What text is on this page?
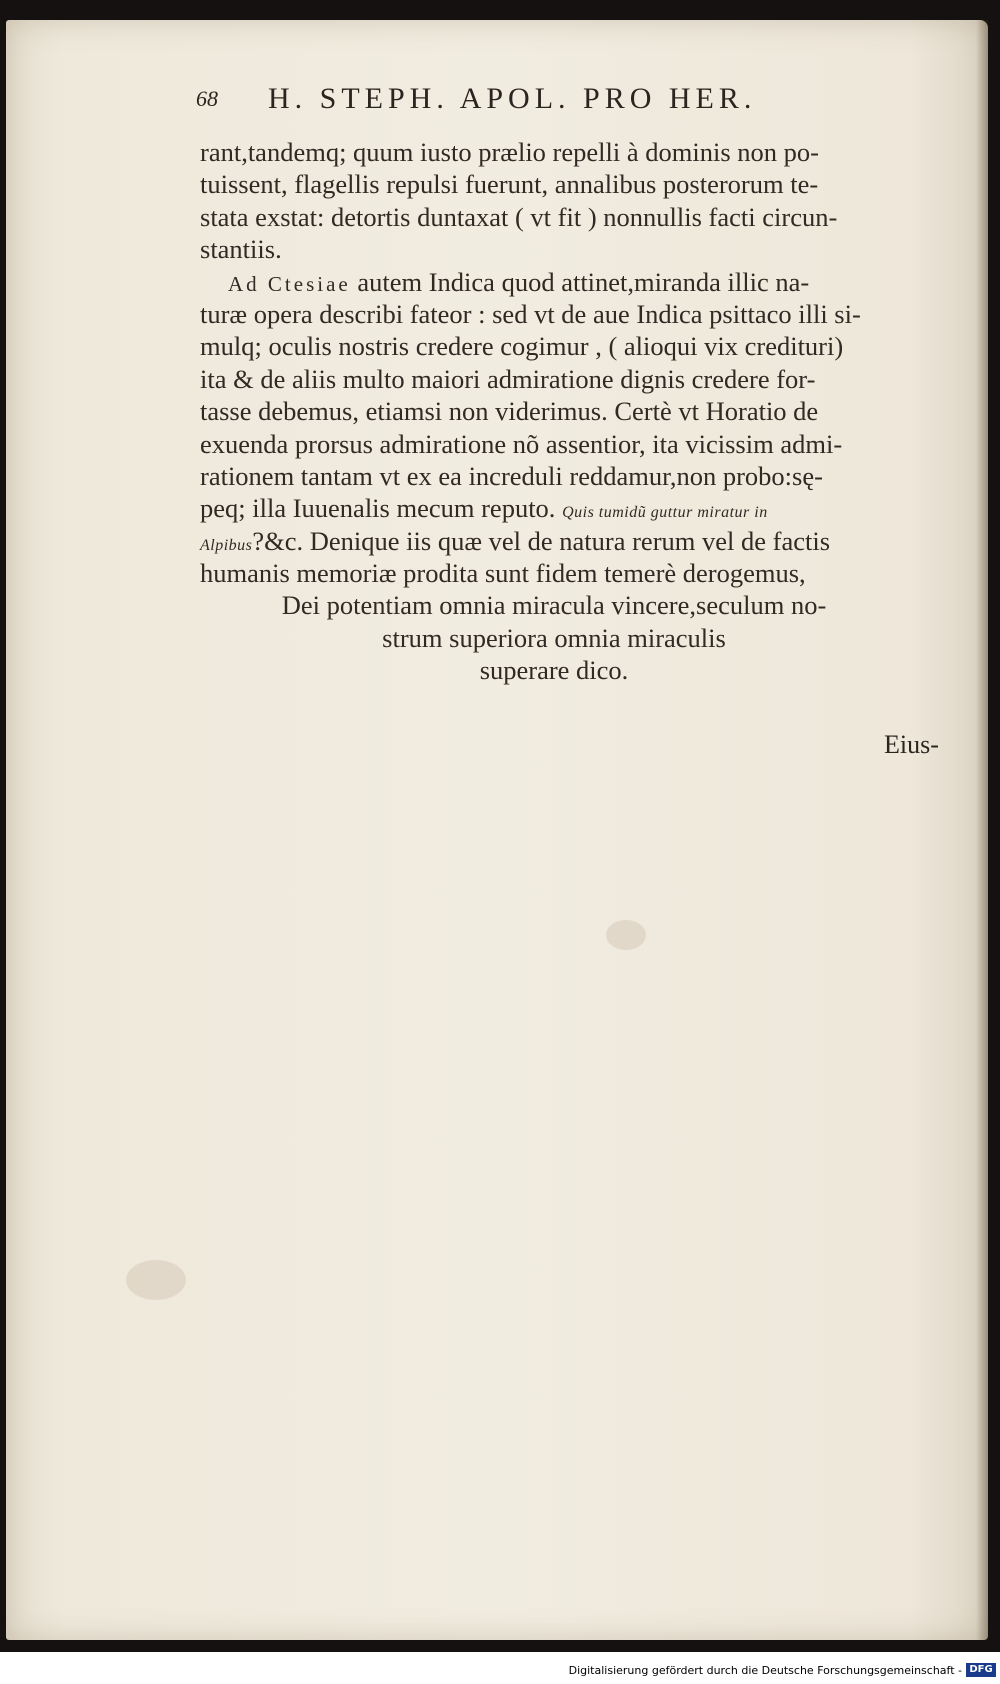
68 H. STEPH. APOL. PRO HER.
rant,tandemq; quum iusto prælio repelli à dominis non po-
tuissent, flagellis repulsi fuerunt, annalibus posterorum te-
stata exstat: detortis duntaxat ( vt fit ) nonnullis facti circun-
stantiis.
Ad Ctesiae autem Indica quod attinet,miranda illic na-
turæ opera describi fateor : sed vt de aue Indica psittaco illi si-
mulq; oculis nostris credere cogimur , ( alioqui vix credituri)
ita & de aliis multo maiori admiratione dignis credere for-
tasse debemus, etiamsi non viderimus. Certè vt Horatio de
exuenda prorsus admiratione nõ assentior, ita vicissim admi-
rationem tantam vt ex ea increduli reddamur,non probo:sę-
peq; illa Iuuenalis mecum reputo. Quis tumidũ guttur miratur in
Alpibus?&c. Denique iis quæ vel de natura rerum vel de factis
humanis memoriæ prodita sunt fidem temerè derogemus,
Dei potentiam omnia miracula vincere,seculum no-
strum superiora omnia miraculis
superare dico.
Eius-
Digitalisierung gefördert durch die Deutsche Forschungsgemeinschaft - DFG
